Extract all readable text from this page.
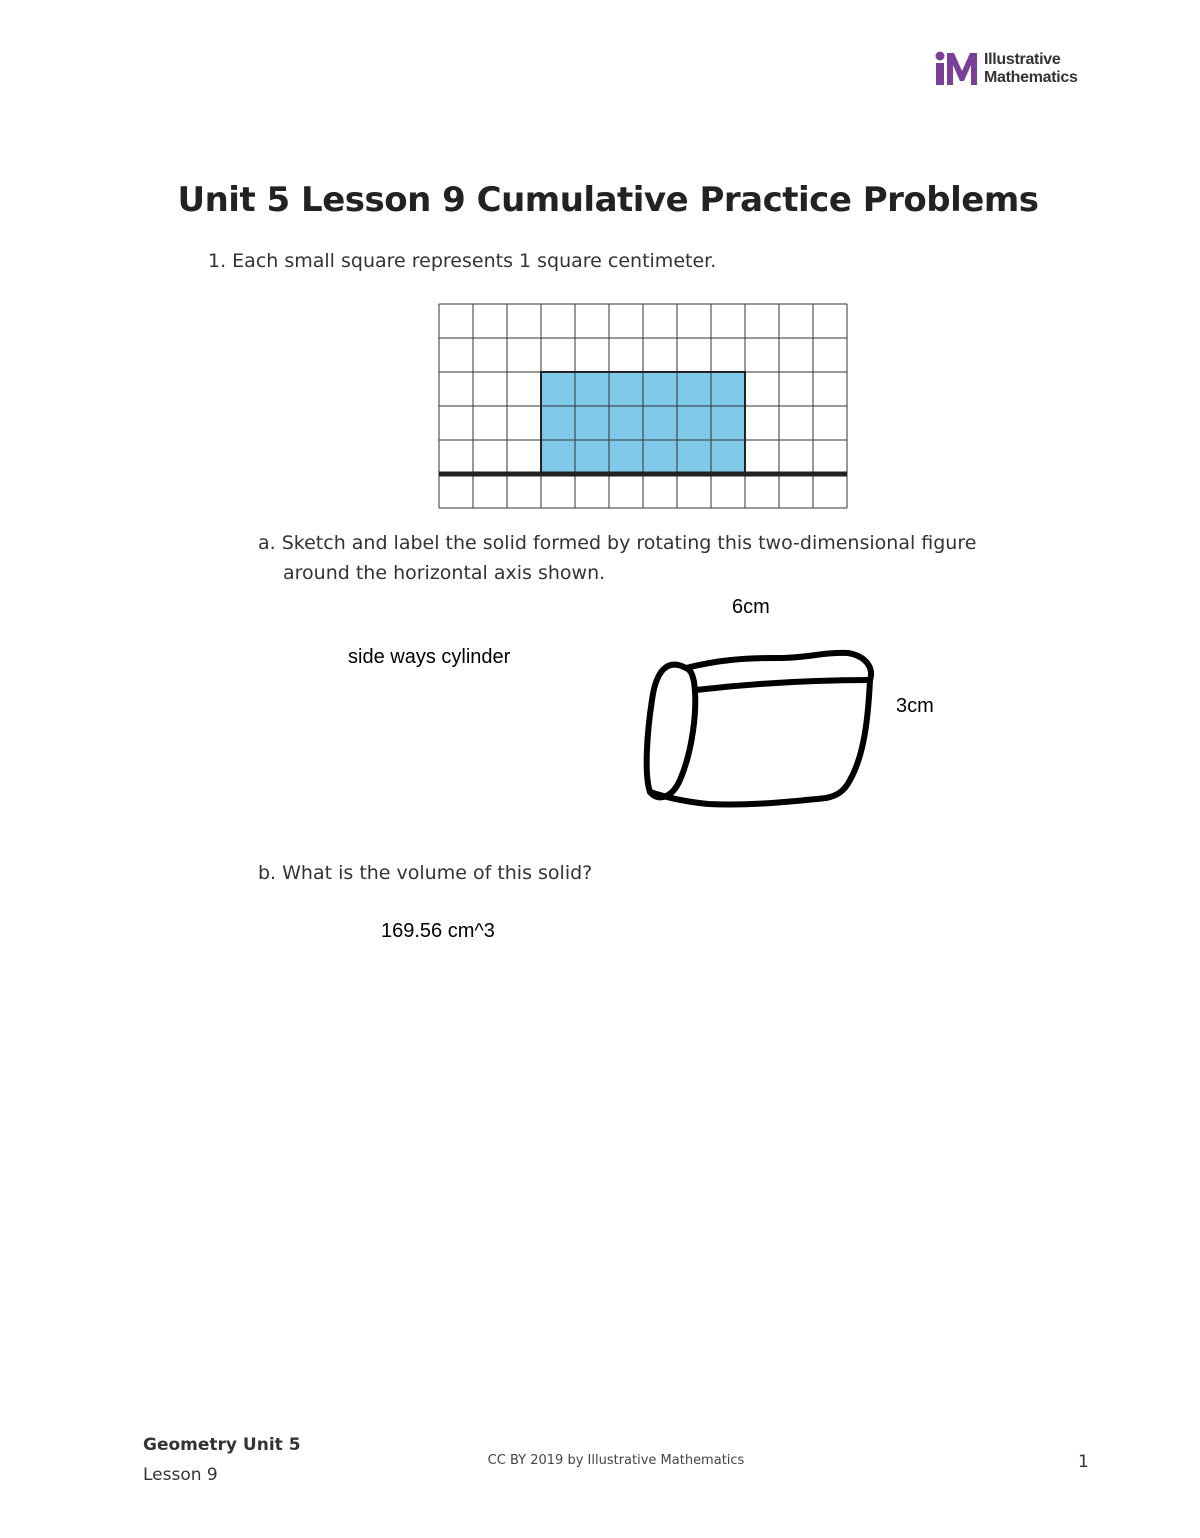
Illustrative
Mathematics
Unit 5 Lesson 9 Cumulative Practice Problems
1. Each small square represents 1 square centimeter.
a. Sketch and label the solid formed by rotating this two-dimensional figure
around the horizontal axis shown.
6cm
side ways cylinder
3cm
b. What is the volume of this solid?
169.56 cm^3
Geometry Unit 5
Lesson 9
CC BY 2019 by Illustrative Mathematics	1
